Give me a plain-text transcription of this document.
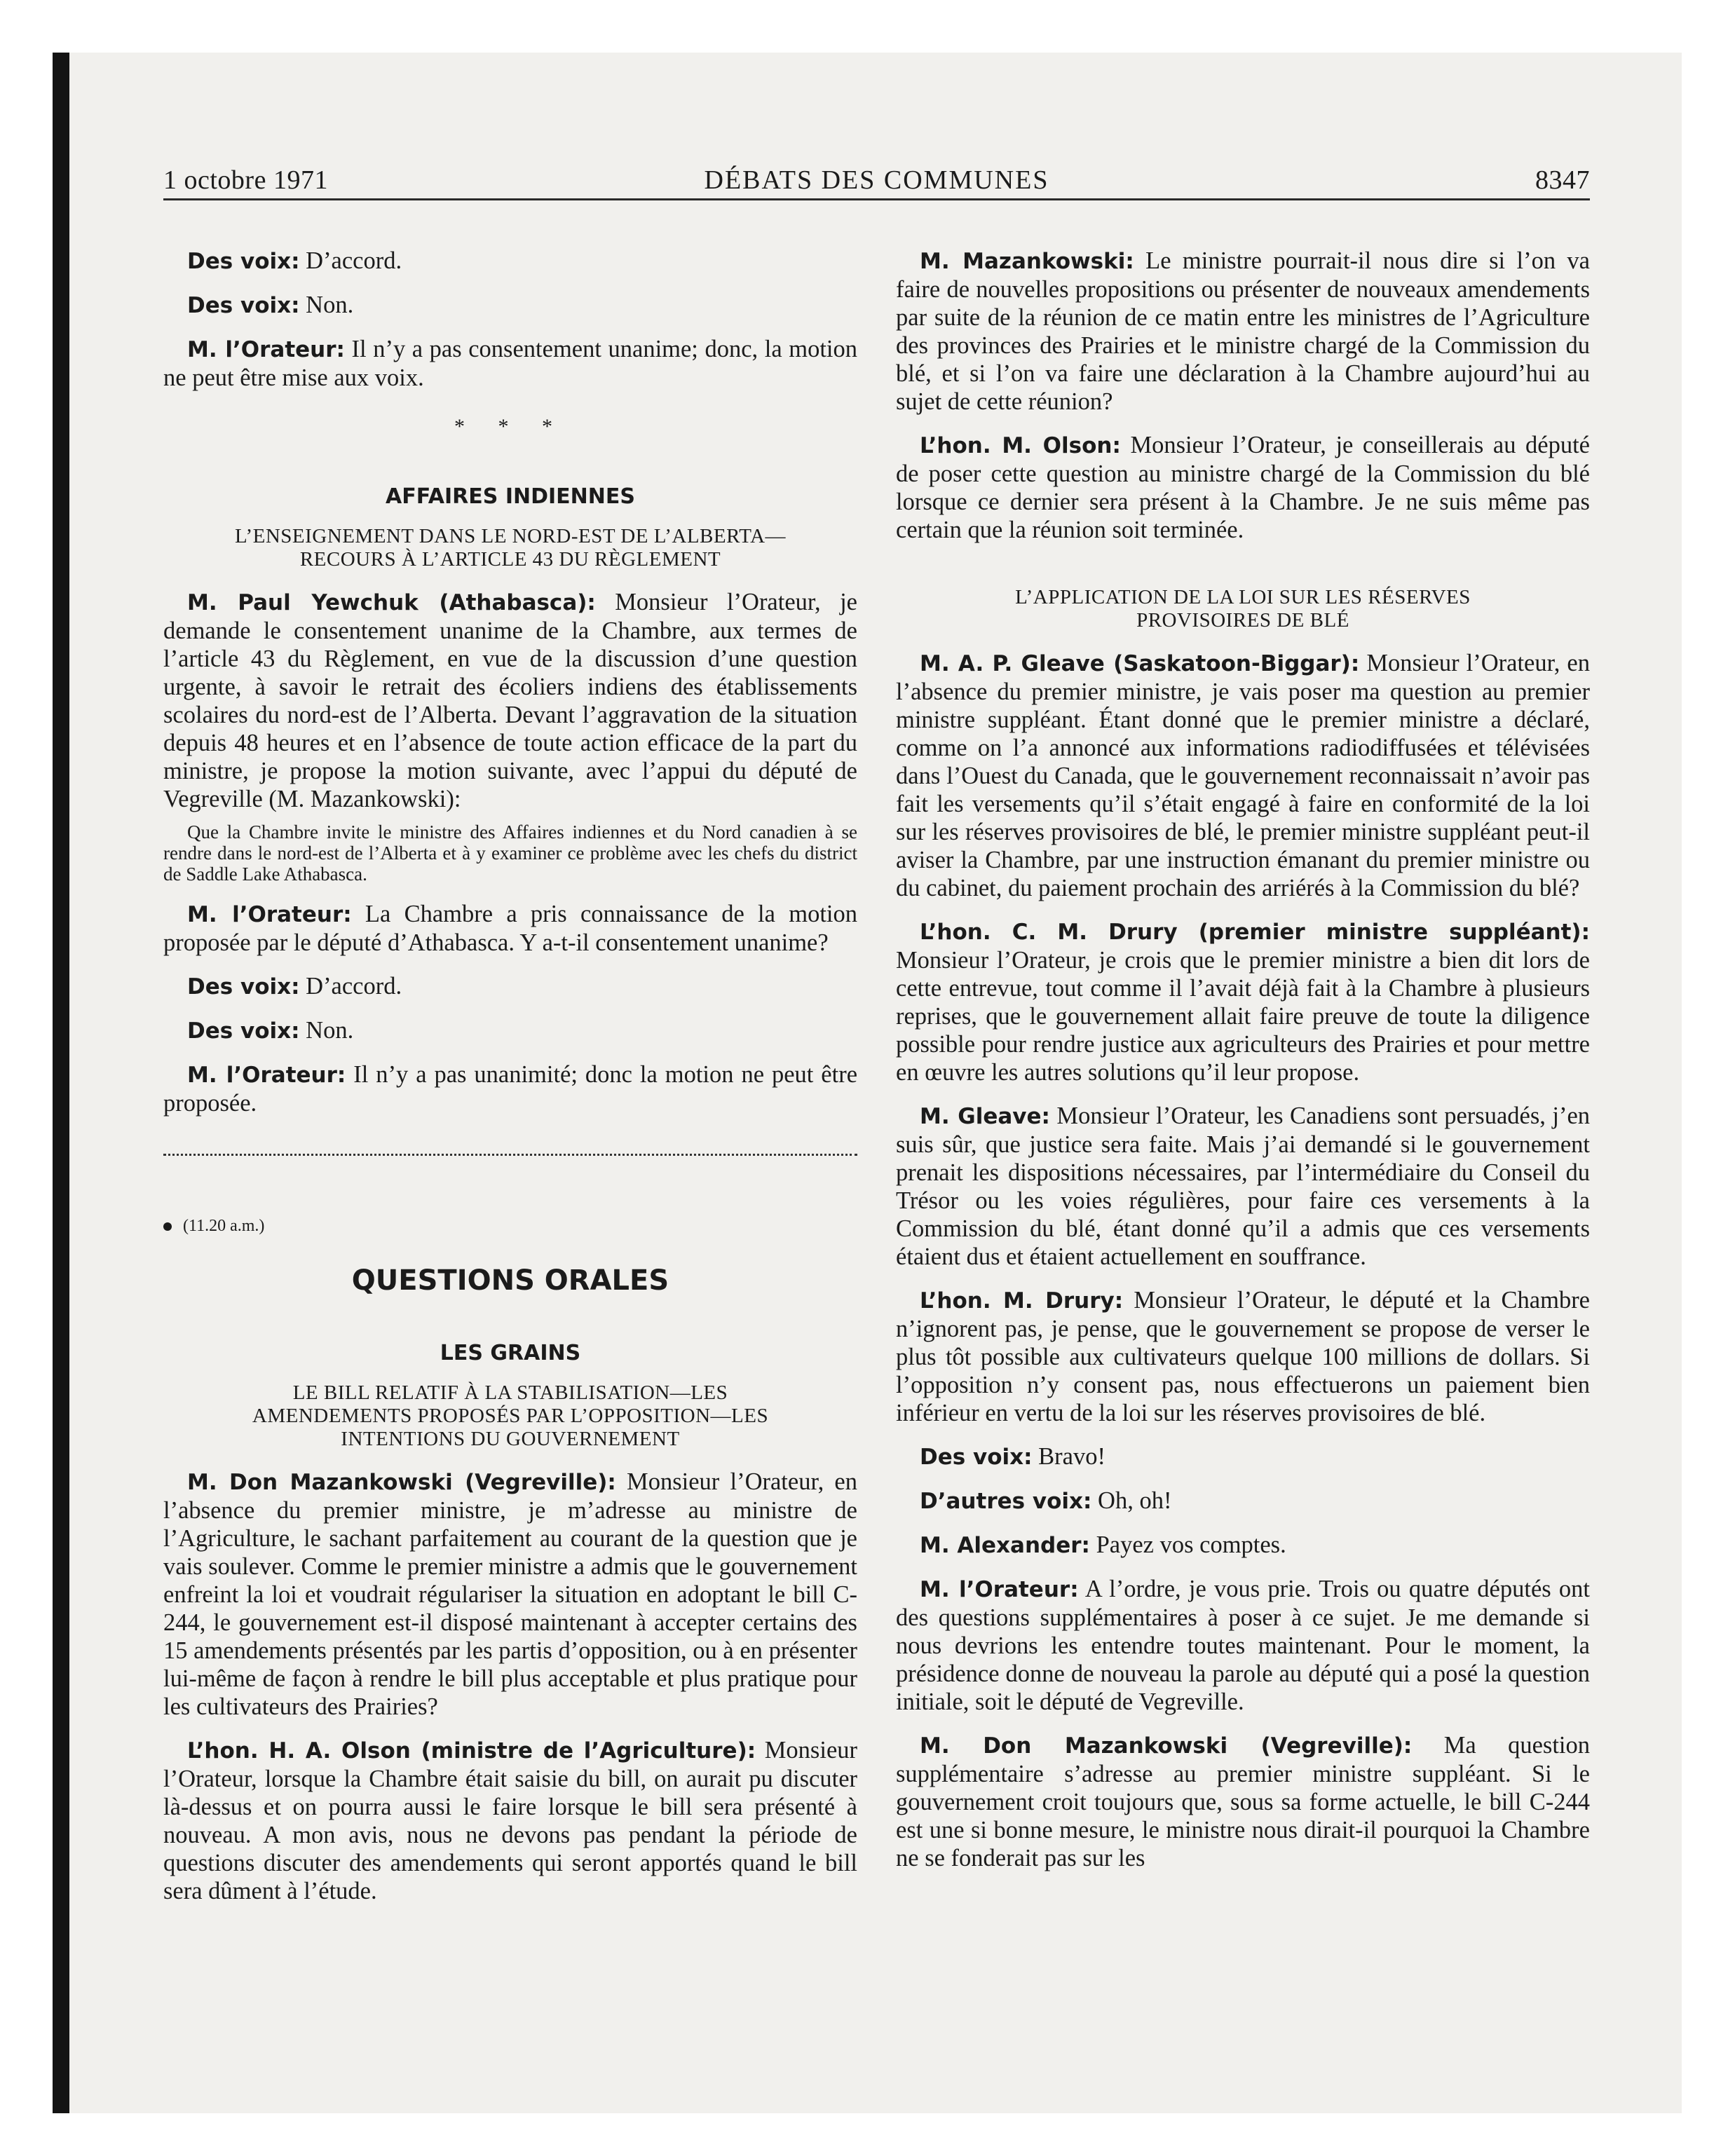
1 octobre 1971	DÉBATS DES COMMUNES	8347

Des voix: D’accord.

Des voix: Non.

M. l’Orateur: Il n’y a pas consentement unanime; donc, la motion ne peut être mise aux voix.

* * *
AFFAIRES INDIENNES
L’ENSEIGNEMENT DANS LE NORD-EST DE L’ALBERTA—
RECOURS À L’ARTICLE 43 DU RÈGLEMENT

M. Paul Yewchuk (Athabasca): Monsieur l’Orateur, je demande le consentement unanime de la Chambre, aux termes de l’article 43 du Règlement, en vue de la discussion d’une question urgente, à savoir le retrait des écoliers indiens des établissements scolaires du nord-est de l’Alberta. Devant l’aggravation de la situation depuis 48 heures et en l’absence de toute action efficace de la part du ministre, je propose la motion suivante, avec l’appui du député de Vegreville (M. Mazankowski):

Que la Chambre invite le ministre des Affaires indiennes et du Nord canadien à se rendre dans le nord-est de l’Alberta et à y examiner ce problème avec les chefs du district de Saddle Lake Athabasca.

M. l’Orateur: La Chambre a pris connaissance de la motion proposée par le député d’Athabasca. Y a-t-il consentement unanime?

Des voix: D’accord.

Des voix: Non.

M. l’Orateur: Il n’y a pas unanimité; donc la motion ne peut être proposée.

(11.20 a.m.)
QUESTIONS ORALES
LES GRAINS
LE BILL RELATIF À LA STABILISATION—LES
AMENDEMENTS PROPOSÉS PAR L’OPPOSITION—LES
INTENTIONS DU GOUVERNEMENT

M. Don Mazankowski (Vegreville): Monsieur l’Orateur, en l’absence du premier ministre, je m’adresse au ministre de l’Agriculture, le sachant parfaitement au courant de la question que je vais soulever. Comme le premier ministre a admis que le gouvernement enfreint la loi et voudrait régulariser la situation en adoptant le bill C-244, le gouvernement est-il disposé maintenant à accepter certains des 15 amendements présentés par les partis d’opposition, ou à en présenter lui-même de façon à rendre le bill plus acceptable et plus pratique pour les cultivateurs des Prairies?

L’hon. H. A. Olson (ministre de l’Agriculture): Monsieur l’Orateur, lorsque la Chambre était saisie du bill, on aurait pu discuter là-dessus et on pourra aussi le faire lorsque le bill sera présenté à nouveau. A mon avis, nous ne devons pas pendant la période de questions discuter des amendements qui seront apportés quand le bill sera dûment à l’étude.

M. Mazankowski: Le ministre pourrait-il nous dire si l’on va faire de nouvelles propositions ou présenter de nouveaux amendements par suite de la réunion de ce matin entre les ministres de l’Agriculture des provinces des Prairies et le ministre chargé de la Commission du blé, et si l’on va faire une déclaration à la Chambre aujourd’hui au sujet de cette réunion?

L’hon. M. Olson: Monsieur l’Orateur, je conseillerais au député de poser cette question au ministre chargé de la Commission du blé lorsque ce dernier sera présent à la Chambre. Je ne suis même pas certain que la réunion soit terminée.

L’APPLICATION DE LA LOI SUR LES RÉSERVES
PROVISOIRES DE BLÉ

M. A. P. Gleave (Saskatoon-Biggar): Monsieur l’Orateur, en l’absence du premier ministre, je vais poser ma question au premier ministre suppléant. Étant donné que le premier ministre a déclaré, comme on l’a annoncé aux informations radiodiffusées et télévisées dans l’Ouest du Canada, que le gouvernement reconnaissait n’avoir pas fait les versements qu’il s’était engagé à faire en conformité de la loi sur les réserves provisoires de blé, le premier ministre suppléant peut-il aviser la Chambre, par une instruction émanant du premier ministre ou du cabinet, du paiement prochain des arriérés à la Commission du blé?

L’hon. C. M. Drury (premier ministre suppléant): Monsieur l’Orateur, je crois que le premier ministre a bien dit lors de cette entrevue, tout comme il l’avait déjà fait à la Chambre à plusieurs reprises, que le gouvernement allait faire preuve de toute la diligence possible pour rendre justice aux agriculteurs des Prairies et pour mettre en œuvre les autres solutions qu’il leur propose.

M. Gleave: Monsieur l’Orateur, les Canadiens sont persuadés, j’en suis sûr, que justice sera faite. Mais j’ai demandé si le gouvernement prenait les dispositions nécessaires, par l’intermédiaire du Conseil du Trésor ou les voies régulières, pour faire ces versements à la Commission du blé, étant donné qu’il a admis que ces versements étaient dus et étaient actuellement en souffrance.

L’hon. M. Drury: Monsieur l’Orateur, le député et la Chambre n’ignorent pas, je pense, que le gouvernement se propose de verser le plus tôt possible aux cultivateurs quelque 100 millions de dollars. Si l’opposition n’y consent pas, nous effectuerons un paiement bien inférieur en vertu de la loi sur les réserves provisoires de blé.

Des voix: Bravo!

D’autres voix: Oh, oh!

M. Alexander: Payez vos comptes.

M. l’Orateur: A l’ordre, je vous prie. Trois ou quatre députés ont des questions supplémentaires à poser à ce sujet. Je me demande si nous devrions les entendre toutes maintenant. Pour le moment, la présidence donne de nouveau la parole au député qui a posé la question initiale, soit le député de Vegreville.

M. Don Mazankowski (Vegreville): Ma question supplémentaire s’adresse au premier ministre suppléant. Si le gouvernement croit toujours que, sous sa forme actuelle, le bill C-244 est une si bonne mesure, le ministre nous dirait-il pourquoi la Chambre ne se fonderait pas sur les
